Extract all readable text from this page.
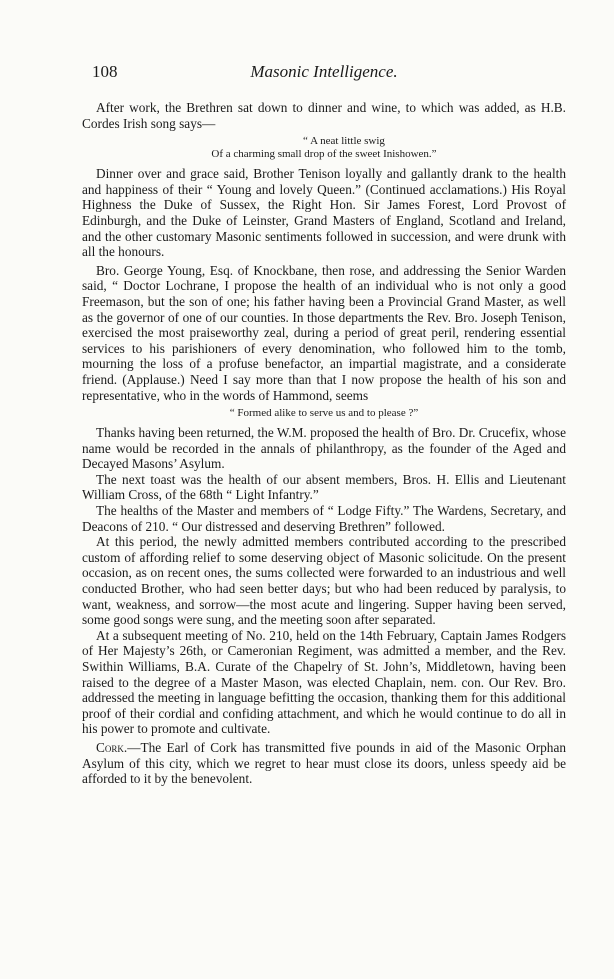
108	Masonic Intelligence.

After work, the Brethren sat down to dinner and wine, to which was added, as H.B. Cordes Irish song says—

“ A neat little swig
Of a charming small drop of the sweet Inishowen.”

Dinner over and grace said, Brother Tenison loyally and gallantly drank to the health and happiness of their “ Young and lovely Queen.” (Continued acclamations.) His Royal Highness the Duke of Sussex, the Right Hon. Sir James Forest, Lord Provost of Edinburgh, and the Duke of Leinster, Grand Masters of England, Scotland and Ireland, and the other customary Masonic sentiments followed in succession, and were drunk with all the honours.

Bro. George Young, Esq. of Knockbane, then rose, and addressing the Senior Warden said, “ Doctor Lochrane, I propose the health of an individual who is not only a good Freemason, but the son of one; his father having been a Provincial Grand Master, as well as the governor of one of our counties. In those departments the Rev. Bro. Joseph Tenison, exercised the most praiseworthy zeal, during a period of great peril, rendering essential services to his parishioners of every denomination, who followed him to the tomb, mourning the loss of a profuse benefactor, an impartial magistrate, and a considerate friend. (Applause.) Need I say more than that I now propose the health of his son and representative, who in the words of Hammond, seems

“ Formed alike to serve us and to please ?”

Thanks having been returned, the W.M. proposed the health of Bro. Dr. Crucefix, whose name would be recorded in the annals of philanthropy, as the founder of the Aged and Decayed Masons’ Asylum.

The next toast was the health of our absent members, Bros. H. Ellis and Lieutenant William Cross, of the 68th “ Light Infantry.”

The healths of the Master and members of “ Lodge Fifty.” The Wardens, Secretary, and Deacons of 210. “ Our distressed and deserving Brethren” followed.

At this period, the newly admitted members contributed according to the prescribed custom of affording relief to some deserving object of Masonic solicitude. On the present occasion, as on recent ones, the sums collected were forwarded to an industrious and well conducted Brother, who had seen better days; but who had been reduced by paralysis, to want, weakness, and sorrow—the most acute and lingering. Supper having been served, some good songs were sung, and the meeting soon after separated.

At a subsequent meeting of No. 210, held on the 14th February, Captain James Rodgers of Her Majesty’s 26th, or Cameronian Regiment, was admitted a member, and the Rev. Swithin Williams, B.A. Curate of the Chapelry of St. John’s, Middletown, having been raised to the degree of a Master Mason, was elected Chaplain, nem. con. Our Rev. Bro. addressed the meeting in language befitting the occasion, thanking them for this additional proof of their cordial and confiding attachment, and which he would continue to do all in his power to promote and cultivate.

Cork.—The Earl of Cork has transmitted five pounds in aid of the Masonic Orphan Asylum of this city, which we regret to hear must close its doors, unless speedy aid be afforded to it by the benevolent.
